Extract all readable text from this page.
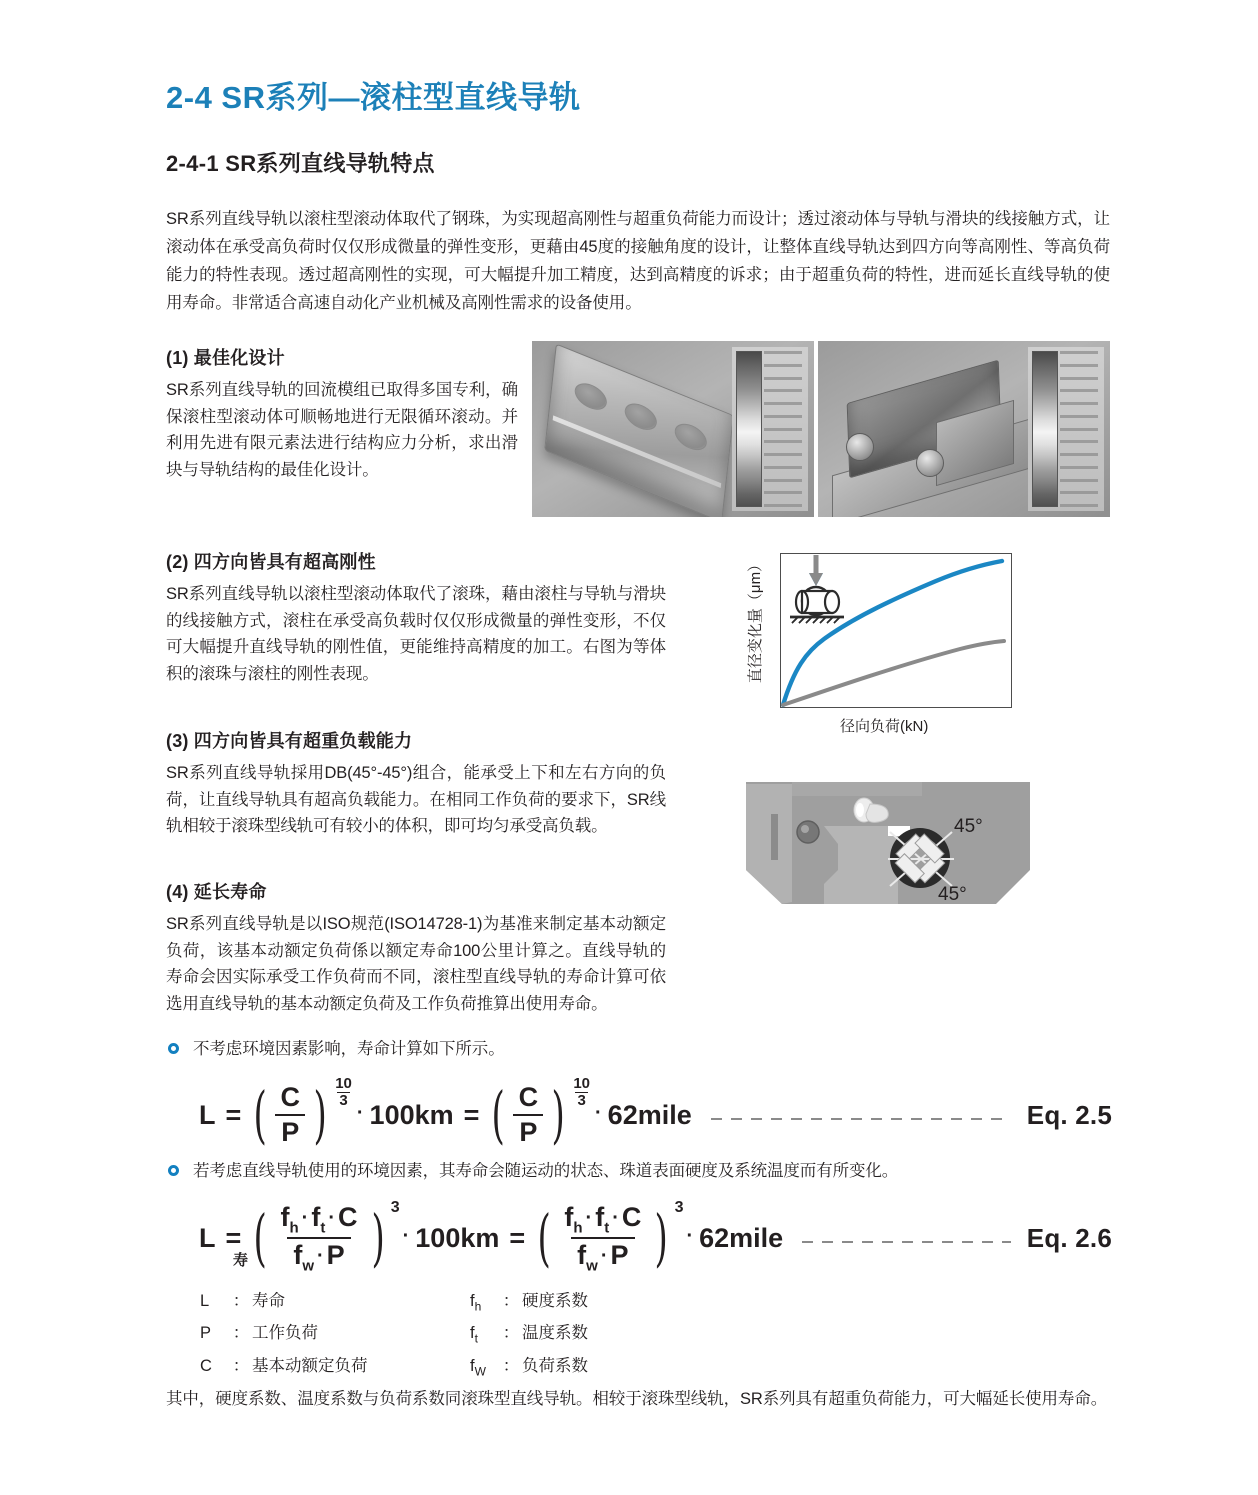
2-4 SR系列—滚柱型直线导轨
2-4-1 SR系列直线导轨特点
SR系列直线导轨以滚柱型滚动体取代了钢珠，为实现超高刚性与超重负荷能力而设计；透过滚动体与导轨与滑块的线接触方式，让滚动体在承受高负荷时仅仅形成微量的弹性变形，更藉由45度的接触角度的设计，让整体直线导轨达到四方向等高刚性、等高负荷能力的特性表现。透过超高刚性的实现，可大幅提升加工精度，达到高精度的诉求；由于超重负荷的特性，进而延长直线导轨的使用寿命。非常适合高速自动化产业机械及高刚性需求的设备使用。
(1) 最佳化设计
SR系列直线导轨的回流模组已取得多国专利，确保滚柱型滚动体可顺畅地进行无限循环滚动。并利用先进有限元素法进行结构应力分析，求出滑块与导轨结构的最佳化设计。
(2) 四方向皆具有超高刚性
SR系列直线导轨以滚柱型滚动体取代了滚珠，藉由滚柱与导轨与滑块的线接触方式，滚柱在承受高负载时仅仅形成微量的弹性变形，不仅可大幅提升直线导轨的刚性值，更能维持高精度的加工。右图为等体积的滚珠与滚柱的刚性表现。	直径变化量（μm）
径向负荷(kN)
(3) 四方向皆具有超重负载能力
SR系列直线导轨採用DB(45°-45°)组合，能承受上下和左右方向的负荷，让直线导轨具有超高负载能力。在相同工作负荷的要求下，SR线轨相较于滚珠型线轨可有较小的体积，即可均匀承受高负载。	45°
45°
(4) 延长寿命
SR系列直线导轨是以ISO规范(ISO14728-1)为基准来制定基本动额定负荷，该基本动额定负荷係以额定寿命100公里计算之。直线导轨的寿命会因实际承受工作负荷而不同，滚柱型直线导轨的寿命计算可依选用直线导轨的基本动额定负荷及工作负荷推算出使用寿命。
不考虑环境因素影响，寿命计算如下所示。
L = ( $\frac{C}{P}$ ) 10
3
· 100km = ( $\frac{C}{P}$ ) 10
3
· 62mile	Eq. 2.5
若考虑直线导轨使用的环境因素，其寿命会随运动的状态、珠道表面硬度及系统温度而有所变化。
L = ( $\frac{f_h \cdot f_t \cdot C}{f_w \cdot P}$ ) 3
· 100km = ( $\frac{f_h \cdot f_t \cdot C}{f_w \cdot P}$ ) 3
· 62mile	Eq. 2.6
寿
L	：	寿命	$f_h$	：	硬度系数
P	：	工作负荷	$f_t$	：	温度系数
C	：	基本动额定负荷	$f_W$	：	负荷系数
其中，硬度系数、温度系数与负荷系数同滚珠型直线导轨。相较于滚珠型线轨，SR系列具有超重负荷能力，可大幅延长使用寿命。
